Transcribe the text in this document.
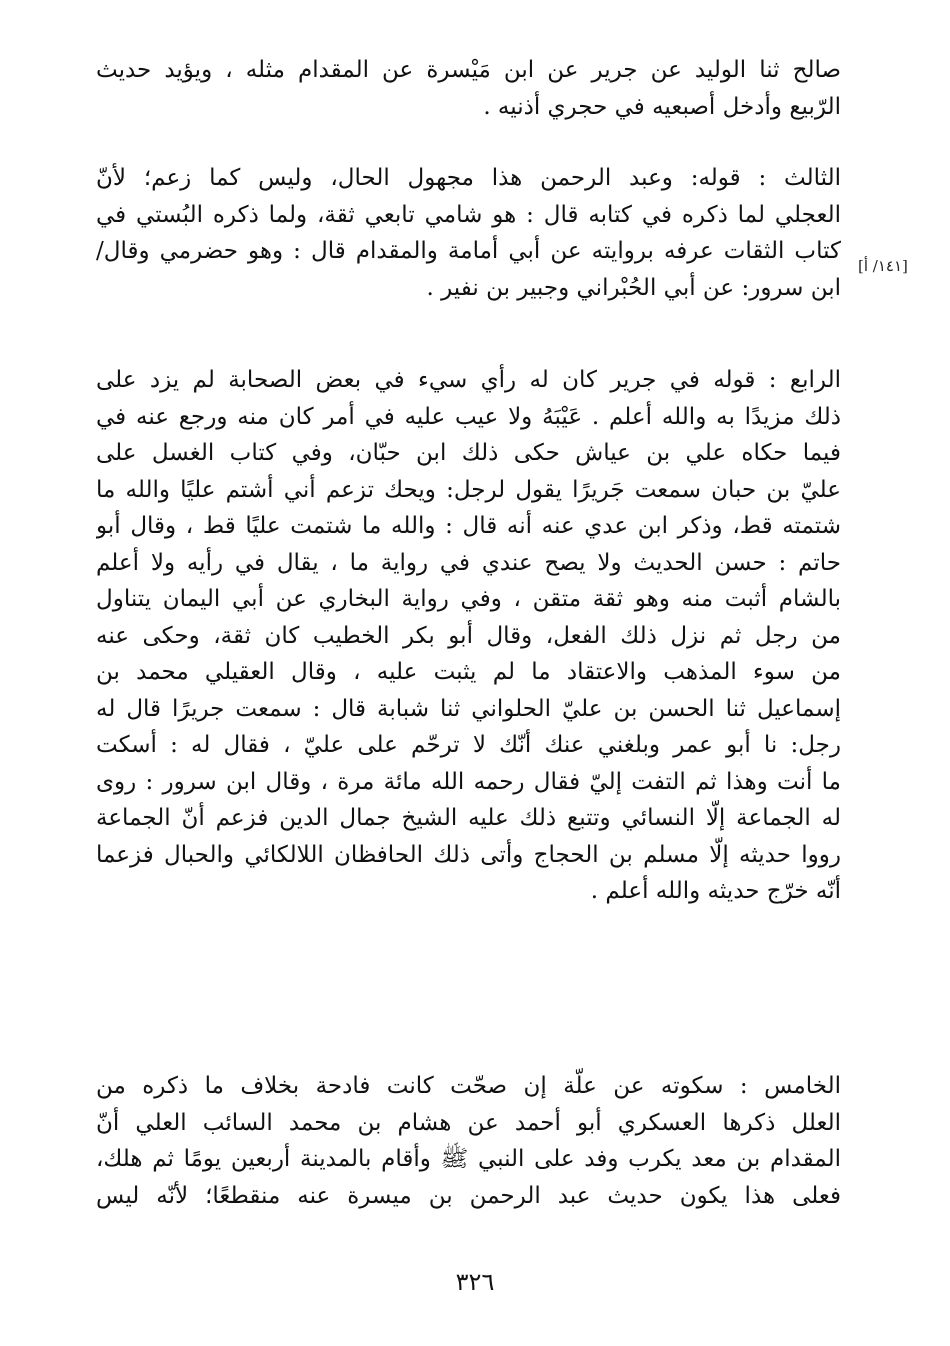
صالح ثنا الوليد عن جرير عن ابن مَيْسرة عن المقدام مثله ، ويؤيد حديث
الرّبيع وأدخل أصبعيه في حجري أذنيه .
الثالث : قوله: وعبد الرحمن هذا مجهول الحال، وليس كما زعم؛ لأنّ
العجلي لما ذكره في كتابه قال : هو شامي تابعي ثقة، ولما ذكره البُستي في
كتاب الثقات عرفه بروايته عن أبي أمامة والمقدام قال : وهو حضرمي وقال/
ابن سرور: عن أبي الحُبْراني وجبير بن نفير .
[١٤١/ أ]
الرابع : قوله في جرير كان له رأي سيء في بعض الصحابة لم يزد على
ذلك مزيدًا به والله أعلم . عَيْبَهُ ولا عيب عليه في أمر كان منه ورجع عنه في
فيما حكاه علي بن عياش حكى ذلك ابن حبّان، وفي كتاب الغسل على
عليّ بن حبان سمعت جَريرًا يقول لرجل: ويحك تزعم أني أشتم عليًا والله ما
شتمته قط، وذكر ابن عدي عنه أنه قال : والله ما شتمت عليًا قط ، وقال أبو
حاتم : حسن الحديث ولا يصح عندي في رواية ما ، يقال في رأيه ولا أعلم
بالشام أثبت منه وهو ثقة متقن ، وفي رواية البخاري عن أبي اليمان يتناول
من رجل ثم نزل ذلك الفعل، وقال أبو بكر الخطيب كان ثقة، وحكى عنه
من سوء المذهب والاعتقاد ما لم يثبت عليه ، وقال العقيلي محمد بن
إسماعيل ثنا الحسن بن عليّ الحلواني ثنا شبابة قال : سمعت جريرًا قال له
رجل: نا أبو عمر وبلغني عنك أنّك لا ترحّم على عليّ ، فقال له : أسكت
ما أنت وهذا ثم التفت إليّ فقال رحمه الله مائة مرة ، وقال ابن سرور : روى
له الجماعة إلّا النسائي وتتبع ذلك عليه الشيخ جمال الدين فزعم أنّ الجماعة
رووا حديثه إلّا مسلم بن الحجاج وأتى ذلك الحافظان اللالكائي والحبال فزعما
أنّه خرّج حديثه والله أعلم .
الخامس : سكوته عن علّة إن صحّت كانت فادحة بخلاف ما ذكره من
العلل ذكرها العسكري أبو أحمد عن هشام بن محمد السائب العلي أنّ
المقدام بن معد يكرب وفد على النبي ﷺ وأقام بالمدينة أربعين يومًا ثم هلك،
فعلى هذا يكون حديث عبد الرحمن بن ميسرة عنه منقطعًا؛ لأنّه ليس
٣٢٦
